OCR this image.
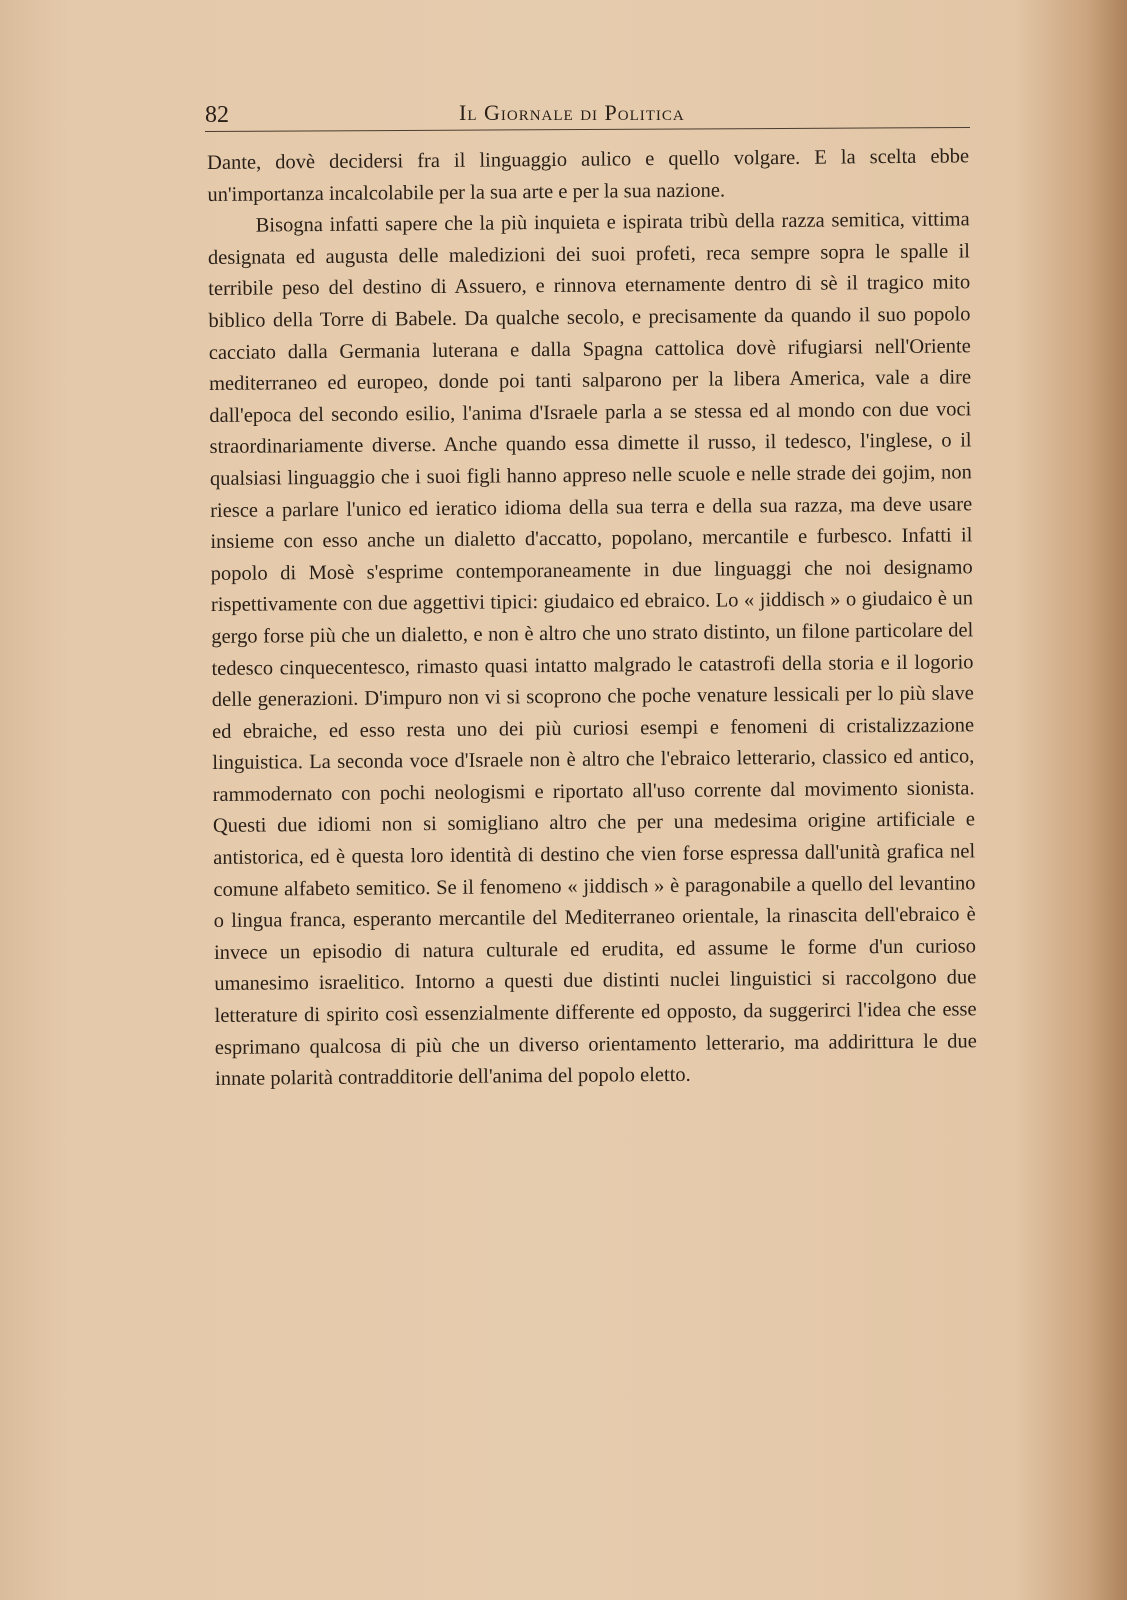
82	Il Giornale di Politica

Dante, dovè decidersi fra il linguaggio aulico e quello volgare. E la scelta ebbe un'importanza incalcolabile per la sua arte e per la sua nazione.

Bisogna infatti sapere che la più inquieta e ispirata tribù della razza semitica, vittima designata ed augusta delle maledizioni dei suoi profeti, reca sempre sopra le spalle il terribile peso del destino di Assuero, e rinnova eternamente dentro di sè il tragico mito biblico della Torre di Babele. Da qualche secolo, e precisamente da quando il suo popolo cacciato dalla Germania luterana e dalla Spagna cattolica dovè rifugiarsi nell'Oriente mediterraneo ed europeo, donde poi tanti salparono per la libera America, vale a dire dall'epoca del secondo esilio, l'anima d'Israele parla a se stessa ed al mondo con due voci straordinariamente diverse. Anche quando essa dimette il russo, il tedesco, l'inglese, o il qualsiasi linguaggio che i suoi figli hanno appreso nelle scuole e nelle strade dei gojim, non riesce a parlare l'unico ed ieratico idioma della sua terra e della sua razza, ma deve usare insieme con esso anche un dialetto d'accatto, popolano, mercantile e furbesco. Infatti il popolo di Mosè s'esprime contemporaneamente in due linguaggi che noi designamo rispettivamente con due aggettivi tipici: giudaico ed ebraico. Lo « jiddisch » o giudaico è un gergo forse più che un dialetto, e non è altro che uno strato distinto, un filone particolare del tedesco cinquecentesco, rimasto quasi intatto malgrado le catastrofi della storia e il logorio delle generazioni. D'impuro non vi si scoprono che poche venature lessicali per lo più slave ed ebraiche, ed esso resta uno dei più curiosi esempi e fenomeni di cristalizzazione linguistica. La seconda voce d'Israele non è altro che l'ebraico letterario, classico ed antico, rammodernato con pochi neologismi e riportato all'uso corrente dal movimento sionista. Questi due idiomi non si somigliano altro che per una medesima origine artificiale e antistorica, ed è questa loro identità di destino che vien forse espressa dall'unità grafica nel comune alfabeto semitico. Se il fenomeno « jiddisch » è paragonabile a quello del levantino o lingua franca, esperanto mercantile del Mediterraneo orientale, la rinascita dell'ebraico è invece un episodio di natura culturale ed erudita, ed assume le forme d'un curioso umanesimo israelitico. Intorno a questi due distinti nuclei linguistici si raccolgono due letterature di spirito così essenzialmente differente ed opposto, da suggerirci l'idea che esse esprimano qualcosa di più che un diverso orientamento letterario, ma addirittura le due innate polarità contradditorie dell'anima del popolo eletto.
